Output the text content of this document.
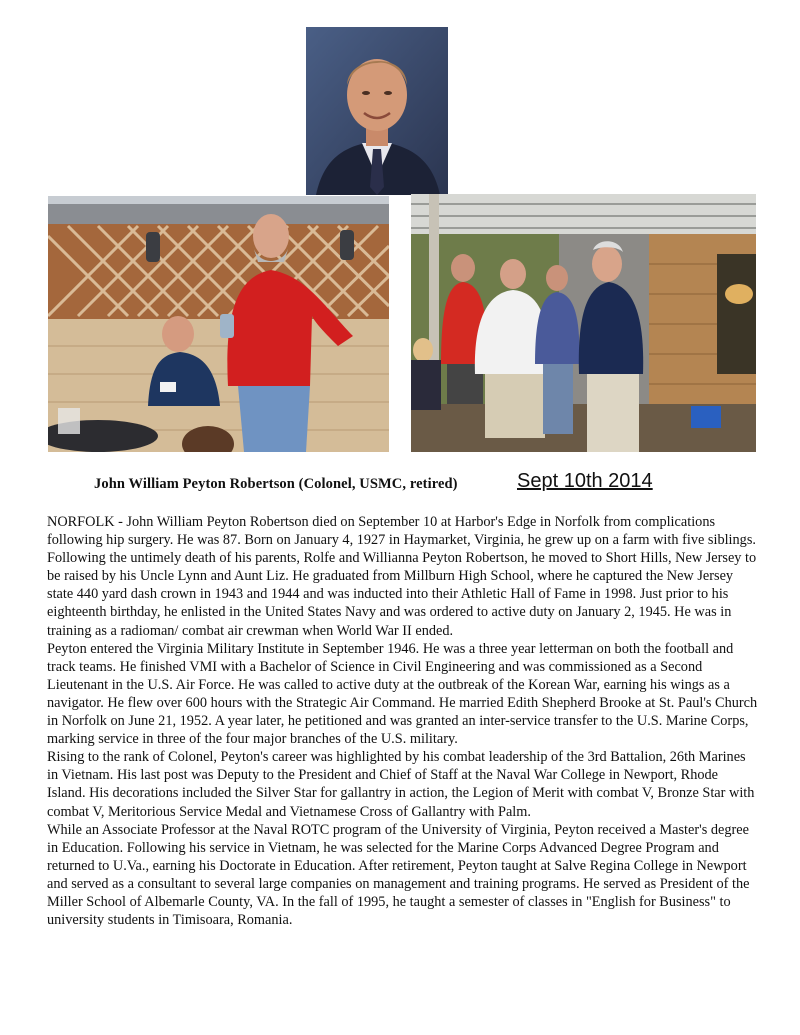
John William Peyton Robertson (Colonel, USMC, retired)	Sept 10th 2014

NORFOLK - John William Peyton Robertson died on September 10 at Harbor's Edge in Norfolk from complications following hip surgery. He was 87. Born on January 4, 1927 in Haymarket, Virginia, he grew up on a farm with five siblings. Following the untimely death of his parents, Rolfe and Willianna Peyton Robertson, he moved to Short Hills, New Jersey to be raised by his Uncle Lynn and Aunt Liz. He graduated from Millburn High School, where he captured the New Jersey state 440 yard dash crown in 1943 and 1944 and was inducted into their Athletic Hall of Fame in 1998. Just prior to his eighteenth birthday, he enlisted in the United States Navy and was ordered to active duty on January 2, 1945. He was in training as a radioman/ combat air crewman when World War II ended.

Peyton entered the Virginia Military Institute in September 1946. He was a three year letterman on both the football and track teams. He finished VMI with a Bachelor of Science in Civil Engineering and was commissioned as a Second Lieutenant in the U.S. Air Force. He was called to active duty at the outbreak of the Korean War, earning his wings as a navigator. He flew over 600 hours with the Strategic Air Command. He married Edith Shepherd Brooke at St. Paul's Church in Norfolk on June 21, 1952. A year later, he petitioned and was granted an inter-service transfer to the U.S. Marine Corps, marking service in three of the four major branches of the U.S. military.

Rising to the rank of Colonel, Peyton's career was highlighted by his combat leadership of the 3rd Battalion, 26th Marines in Vietnam. His last post was Deputy to the President and Chief of Staff at the Naval War College in Newport, Rhode Island. His decorations included the Silver Star for gallantry in action, the Legion of Merit with combat V, Bronze Star with combat V, Meritorious Service Medal and Vietnamese Cross of Gallantry with Palm.

While an Associate Professor at the Naval ROTC program of the University of Virginia, Peyton received a Master's degree in Education. Following his service in Vietnam, he was selected for the Marine Corps Advanced Degree Program and returned to U.Va., earning his Doctorate in Education. After retirement, Peyton taught at Salve Regina College in Newport and served as a consultant to several large companies on management and training programs. He served as President of the Miller School of Albemarle County, VA. In the fall of 1995, he taught a semester of classes in "English for Business" to university students in Timisoara, Romania.
